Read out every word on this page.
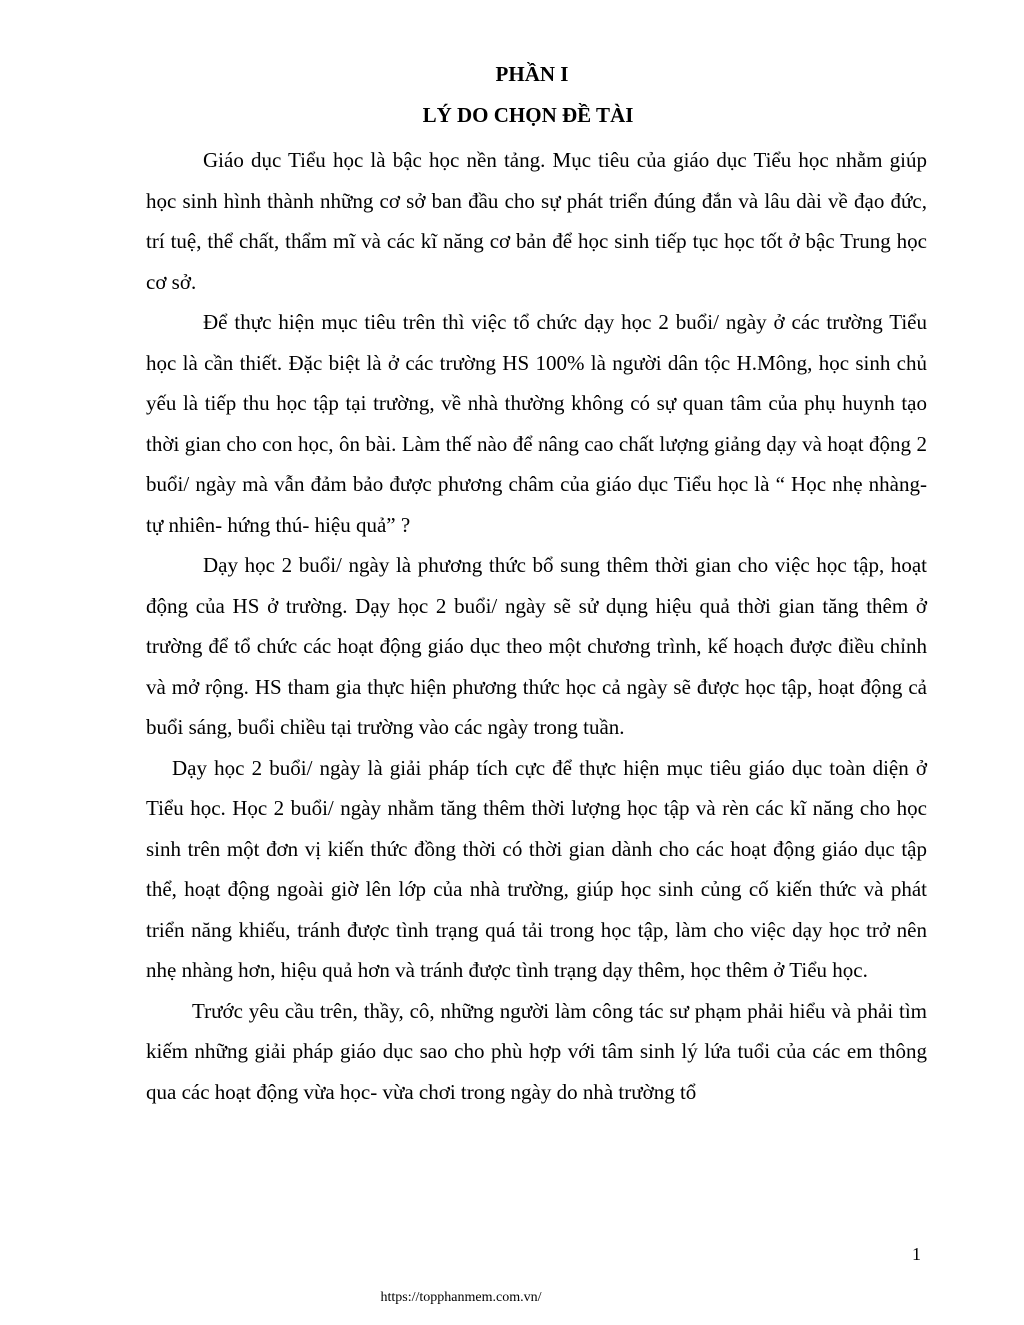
PHẦN I
LÝ DO CHỌN ĐỀ TÀI

Giáo dục Tiểu học là bậc học nền tảng. Mục tiêu của giáo dục Tiểu học nhằm giúp học sinh hình thành những cơ sở ban đầu cho sự phát triển đúng đắn và lâu dài về đạo đức, trí tuệ, thể chất, thẩm mĩ và các kĩ năng cơ bản để học sinh tiếp tục học tốt ở bậc Trung học cơ sở.

Để thực hiện mục tiêu trên thì việc tổ chức dạy học 2 buổi/ ngày ở các trường Tiểu học là cần thiết. Đặc biệt là ở các trường HS 100% là người dân tộc H.Mông, học sinh chủ yếu là tiếp thu học tập tại trường, về nhà thường không có sự quan tâm của phụ huynh tạo thời gian cho con học, ôn bài. Làm thế nào để nâng cao chất lượng giảng dạy và hoạt động 2 buổi/ ngày mà vẫn đảm bảo được phương châm của giáo dục Tiểu học là “ Học nhẹ nhàng- tự nhiên- hứng thú- hiệu quả” ?

Dạy học 2 buổi/ ngày là phương thức bổ sung thêm thời gian cho việc học tập, hoạt động của HS ở trường. Dạy học 2 buổi/ ngày sẽ sử dụng hiệu quả thời gian tăng thêm ở trường để tổ chức các hoạt động giáo dục theo một chương trình, kế hoạch được điều chỉnh và mở rộng. HS tham gia thực hiện phương thức học cả ngày sẽ được học tập, hoạt động cả buổi sáng, buổi chiều tại trường vào các ngày trong tuần.

Dạy học 2 buổi/ ngày là giải pháp tích cực để thực hiện mục tiêu giáo dục toàn diện ở Tiểu học. Học 2 buổi/ ngày nhằm tăng thêm thời lượng học tập và rèn các kĩ năng cho học sinh trên một đơn vị kiến thức đồng thời có thời gian dành cho các hoạt động giáo dục tập thể, hoạt động ngoài giờ lên lớp của nhà trường, giúp học sinh củng cố kiến thức và phát triển năng khiếu, tránh được tình trạng quá tải trong học tập, làm cho việc dạy học trở nên nhẹ nhàng hơn, hiệu quả hơn và tránh được tình trạng dạy thêm, học thêm ở Tiểu học.

Trước yêu cầu trên, thầy, cô, những người làm công tác sư phạm phải hiểu và phải tìm kiếm những giải pháp giáo dục sao cho phù hợp với tâm sinh lý lứa tuổi của các em thông qua các hoạt động vừa học- vừa chơi trong ngày do nhà trường tổ

1

https://topphanmem.com.vn/
